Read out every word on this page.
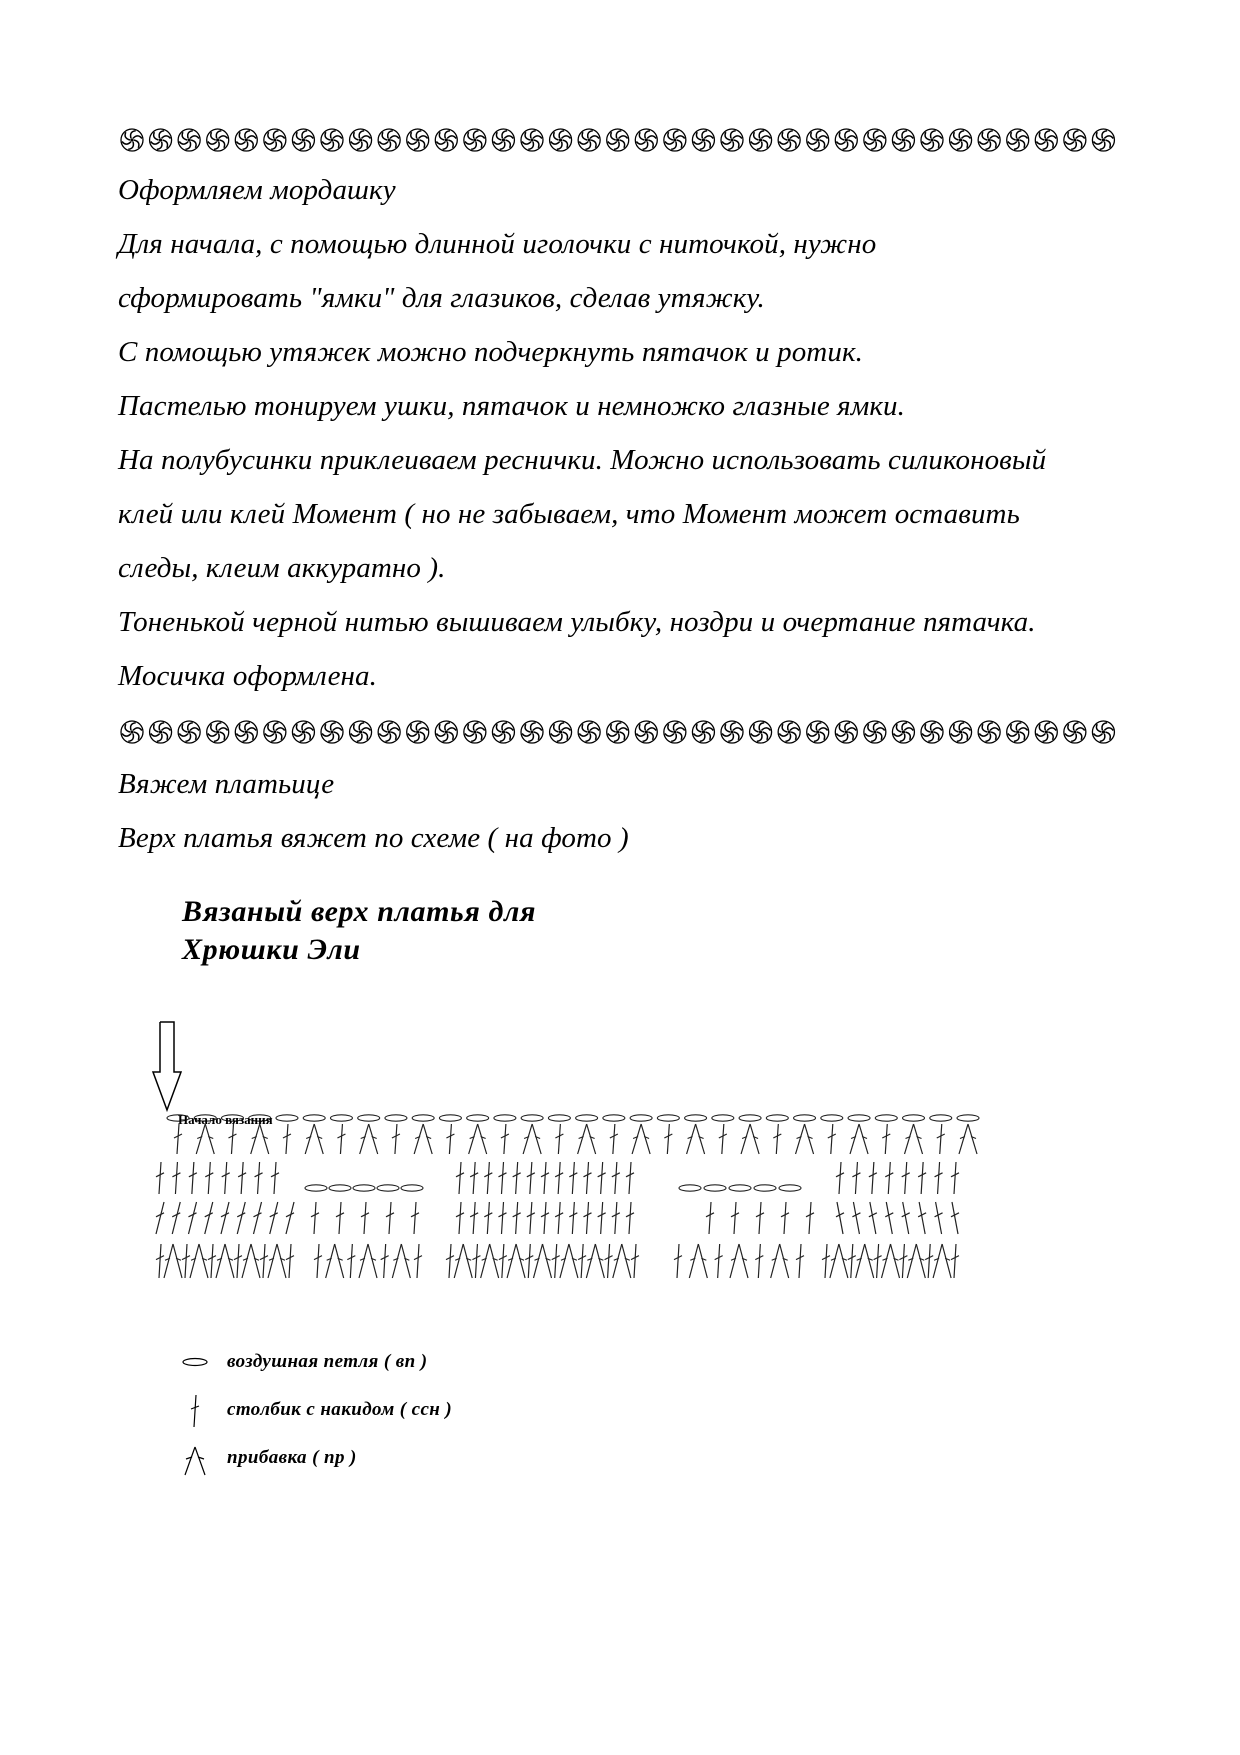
Оформляем мордашку
Для начала, с помощью длинной иголочки с ниточкой, нужно
сформировать "ямки" для глазиков, сделав утяжку.
С помощью утяжек можно подчеркнуть пятачок и ротик.
Пастелью тонируем ушки, пятачок и немножко глазные ямки.
На полубусинки приклеиваем реснички. Можно использовать силиконовый
клей или клей Момент ( но не забываем, что Момент может оставить
следы, клеим аккуратно ).
Тоненькой черной нитью вышиваем улыбку, ноздри и очертание пятачка.
Мосичка оформлена.
Вяжем платьице
Верх платья вяжет по схеме ( на фото )
Вязаный верх платья для
Хрюшки Эли
Начало вязания
воздушная петля ( вп )
столбик с накидом ( ссн )
прибавка ( пр )
